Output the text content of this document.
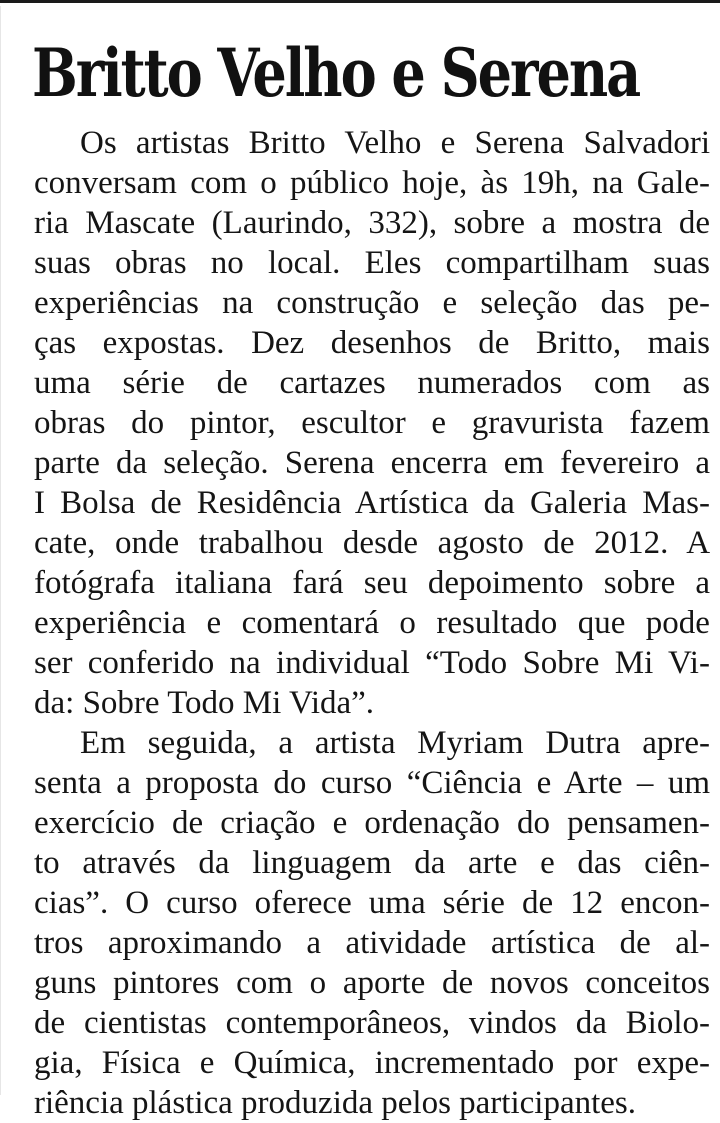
Britto Velho e Serena
Os artistas Britto Velho e Serena Salvadori
conversam com o público hoje, às 19h, na Gale-
ria Mascate (Laurindo, 332), sobre a mostra de
suas obras no local. Eles compartilham suas
experiências na construção e seleção das pe-
ças expostas. Dez desenhos de Britto, mais
uma série de cartazes numerados com as
obras do pintor, escultor e gravurista fazem
parte da seleção. Serena encerra em fevereiro a
I Bolsa de Residência Artística da Galeria Mas-
cate, onde trabalhou desde agosto de 2012. A
fotógrafa italiana fará seu depoimento sobre a
experiência e comentará o resultado que pode
ser conferido na individual “Todo Sobre Mi Vi-
da: Sobre Todo Mi Vida”.
Em seguida, a artista Myriam Dutra apre-
senta a proposta do curso “Ciência e Arte – um
exercício de criação e ordenação do pensamen-
to através da linguagem da arte e das ciên-
cias”. O curso oferece uma série de 12 encon-
tros aproximando a atividade artística de al-
guns pintores com o aporte de novos conceitos
de cientistas contemporâneos, vindos da Biolo-
gia, Física e Química, incrementado por expe-
riência plástica produzida pelos participantes.
